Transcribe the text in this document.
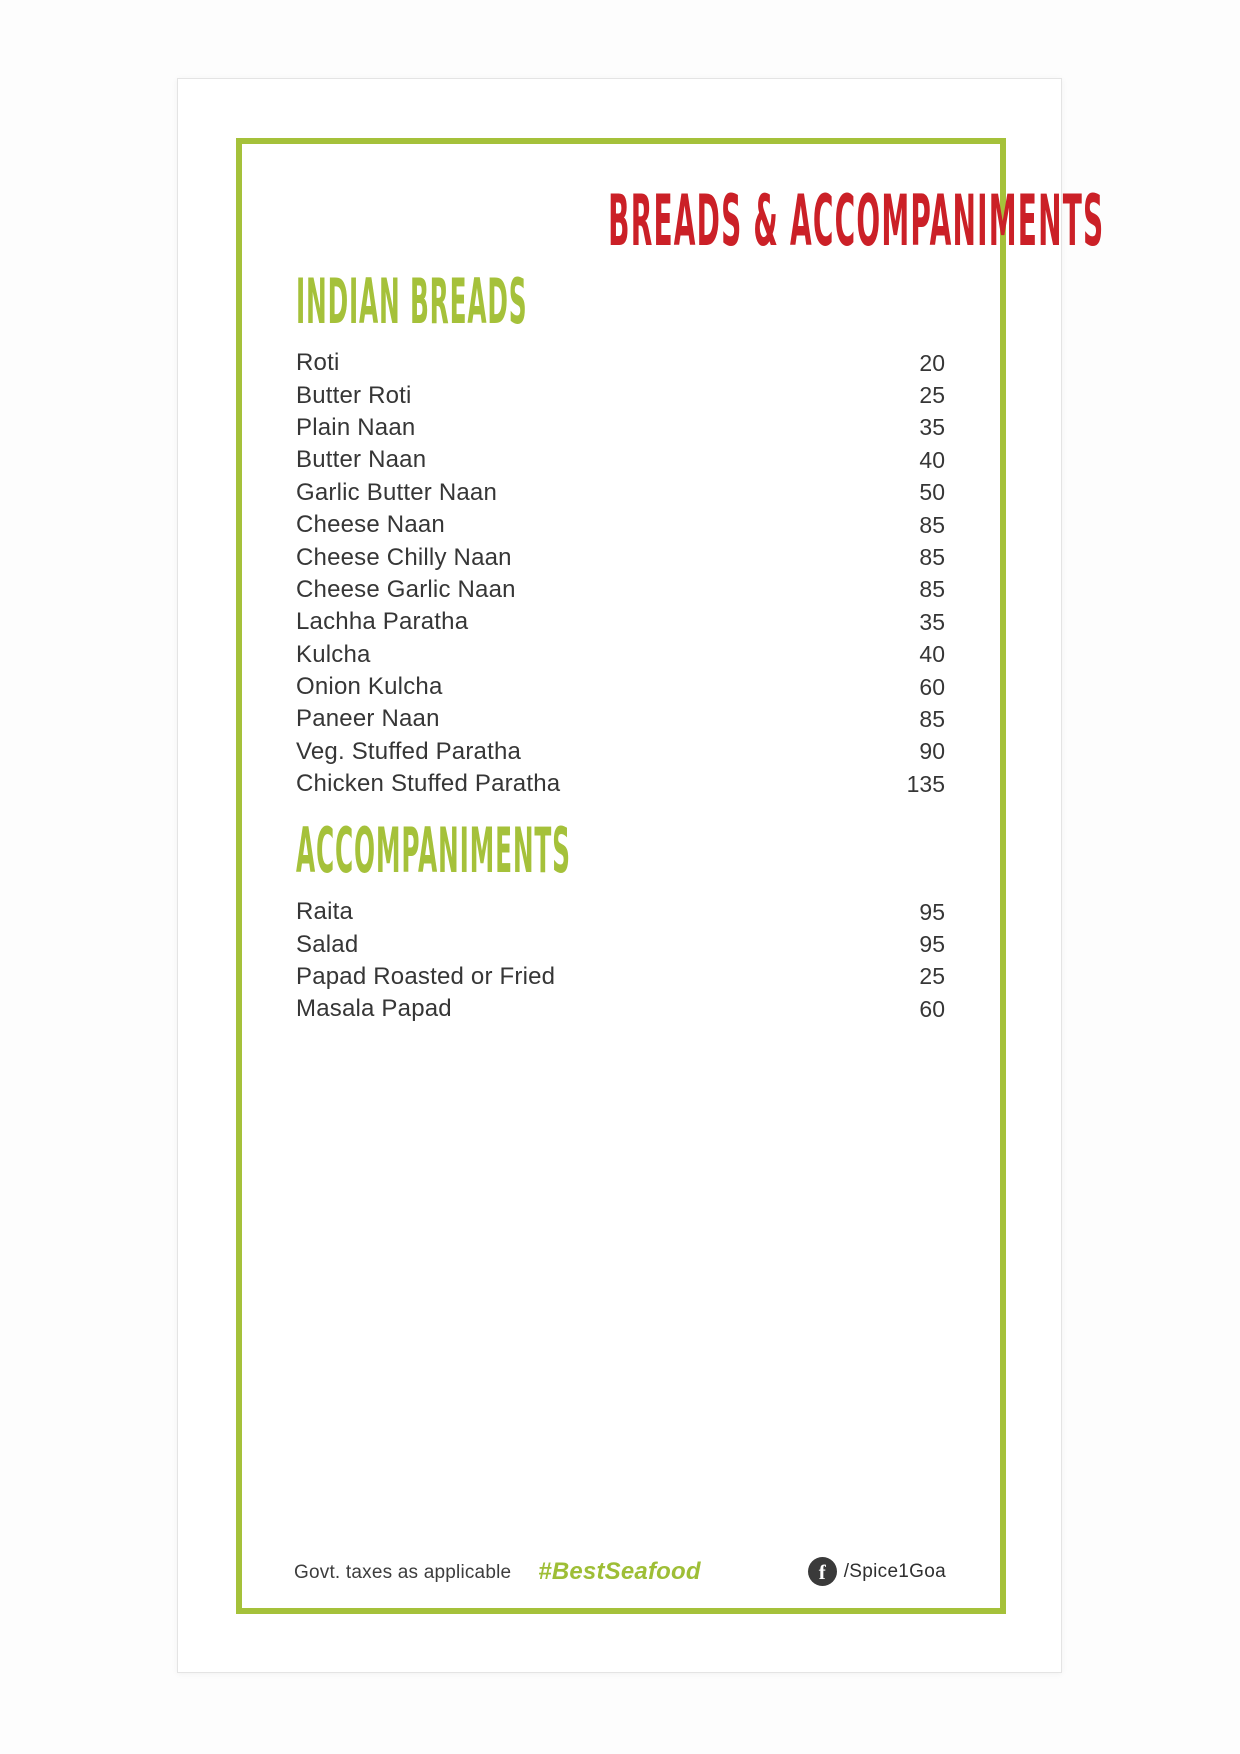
BREADS & ACCOMPANIMENTS
INDIAN BREADS
Roti	20
Butter Roti	25
Plain Naan	35
Butter Naan	40
Garlic Butter Naan	50
Cheese Naan	85
Cheese Chilly Naan	85
Cheese Garlic Naan	85
Lachha Paratha	35
Kulcha	40
Onion Kulcha	60
Paneer Naan	85
Veg. Stuffed Paratha	90
Chicken Stuffed Paratha	135
ACCOMPANIMENTS
Raita	95
Salad	95
Papad Roasted or Fried	25
Masala Papad	60
Govt. taxes as applicable #BestSeafood	f /Spice1Goa
